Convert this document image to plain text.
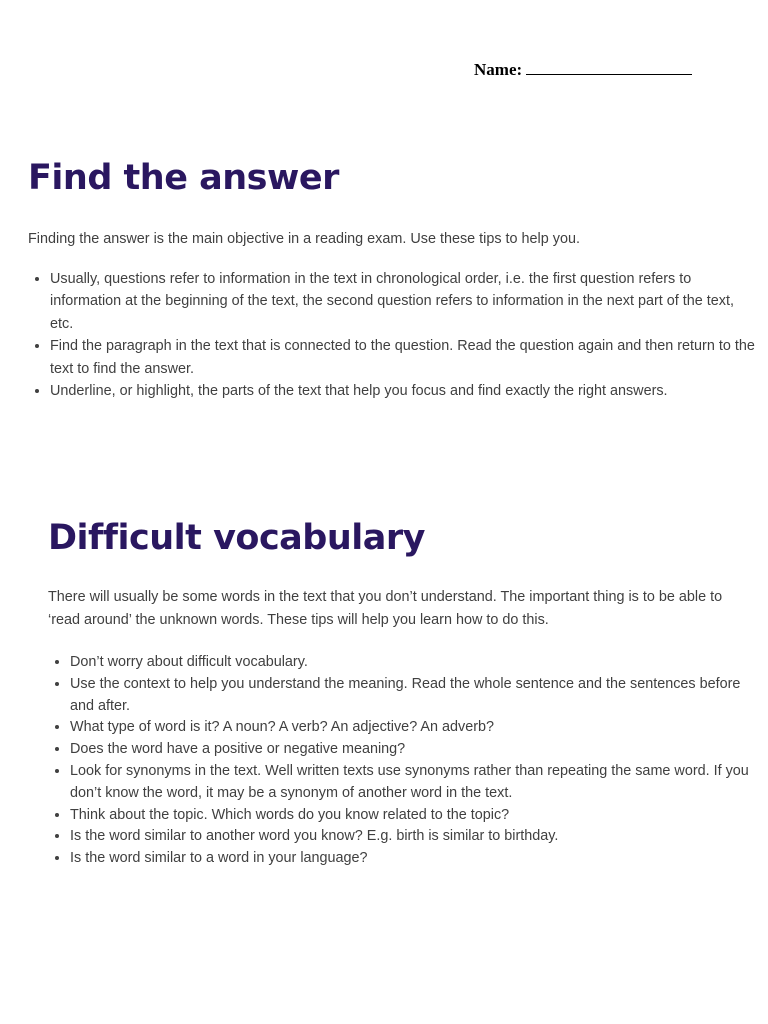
Name:
Find the answer

Finding the answer is the main objective in a reading exam. Use these tips to help you.

• Usually, questions refer to information in the text in chronological order, i.e. the first question refers to information at the beginning of the text, the second question refers to information in the next part of the text, etc.
• Find the paragraph in the text that is connected to the question. Read the question again and then return to the text to find the answer.
• Underline, or highlight, the parts of the text that help you focus and find exactly the right answers.
Difficult vocabulary

There will usually be some words in the text that you don’t understand. The important thing is to be able to ‘read around’ the unknown words. These tips will help you learn how to do this.

• Don’t worry about difficult vocabulary.
• Use the context to help you understand the meaning. Read the whole sentence and the sentences before and after.
• What type of word is it? A noun? A verb? An adjective? An adverb?
• Does the word have a positive or negative meaning?
• Look for synonyms in the text. Well written texts use synonyms rather than repeating the same word. If you don’t know the word, it may be a synonym of another word in the text.
• Think about the topic. Which words do you know related to the topic?
• Is the word similar to another word you know? E.g. birth is similar to birthday.
• Is the word similar to a word in your language?
